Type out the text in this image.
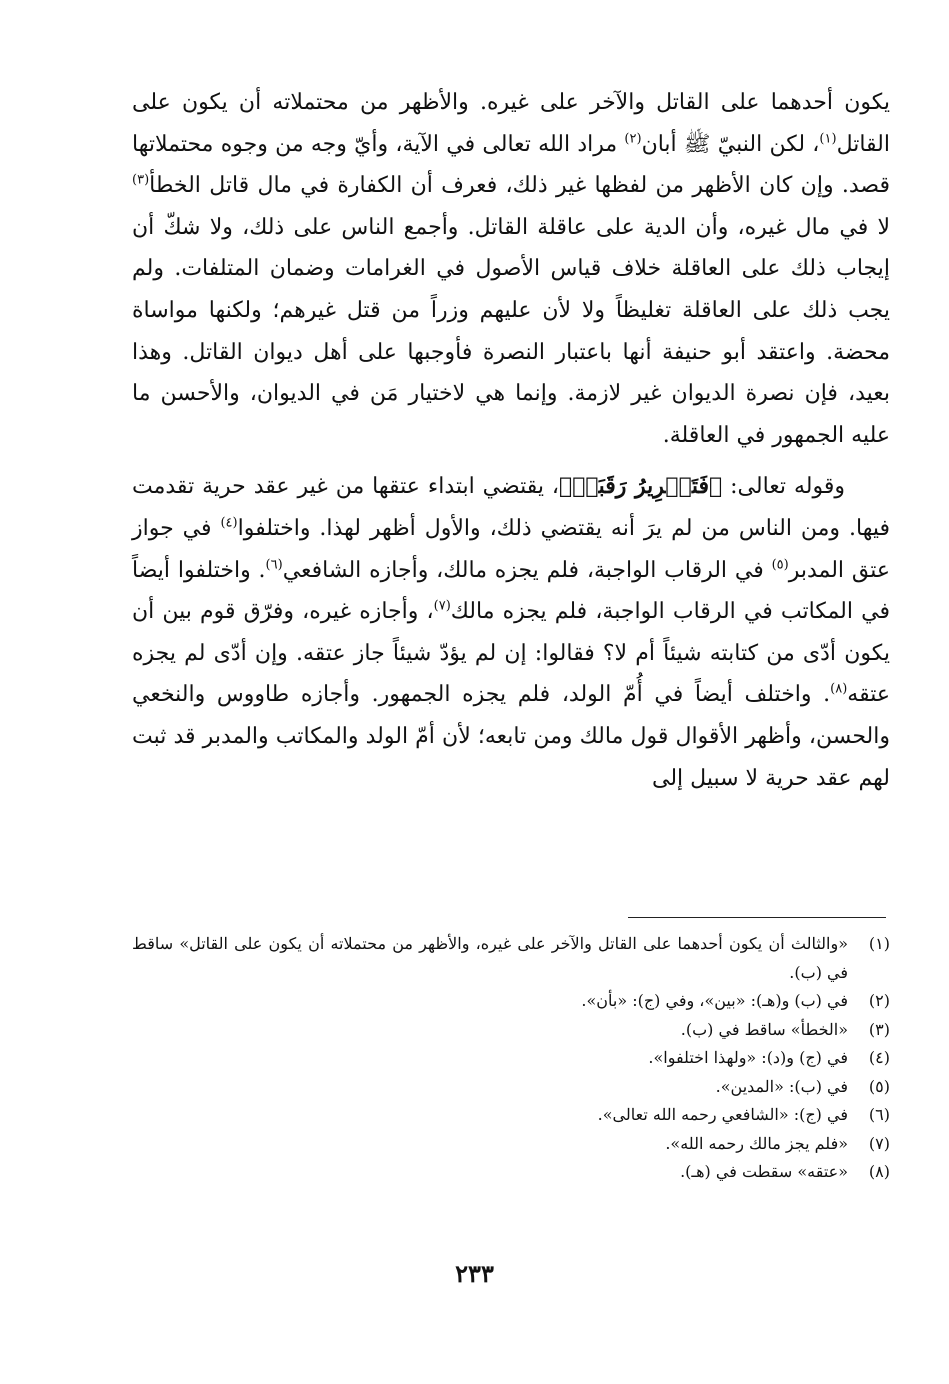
يكون أحدهما على القاتل والآخر على غيره. والأظهر من محتملاته أن يكون على القاتل$^{(١)}$، لكن النبيّ ﷺ أبان$^{(٢)}$ مراد الله تعالى في الآية، وأيّ وجه من وجوه محتملاتها قصد. وإن كان الأظهر من لفظها غير ذلك، فعرف أن الكفارة في مال قاتل الخطأ$^{(٣)}$ لا في مال غيره، وأن الدية على عاقلة القاتل. وأجمع الناس على ذلك، ولا شكّ أن إيجاب ذلك على العاقلة خلاف قياس الأصول في الغرامات وضمان المتلفات. ولم يجب ذلك على العاقلة تغليظاً ولا لأن عليهم وزراً من قتل غيرهم؛ ولكنها مواساة محضة. واعتقد أبو حنيفة أنها باعتبار النصرة فأوجبها على أهل ديوان القاتل. وهذا بعيد، فإن نصرة الديوان غير لازمة. وإنما هي لاختيار مَن في الديوان، والأحسن ما عليه الجمهور في العاقلة.

وقوله تعالى: ﴿فَتَحۡرِيرُ رَقَبَةٖ﴾، يقتضي ابتداء عتقها من غير عقد حرية تقدمت فيها. ومن الناس من لم يرَ أنه يقتضي ذلك، والأول أظهر لهذا. واختلفوا$^{(٤)}$ في جواز عتق المدبر$^{(٥)}$ في الرقاب الواجبة، فلم يجزه مالك، وأجازه الشافعي$^{(٦)}$. واختلفوا أيضاً في المكاتب في الرقاب الواجبة، فلم يجزه مالك$^{(٧)}$، وأجازه غيره، وفرّق قوم بين أن يكون أدّى من كتابته شيئاً أم لا؟ فقالوا: إن لم يؤدّ شيئاً جاز عتقه. وإن أدّى لم يجزه عتقه$^{(٨)}$. واختلف أيضاً في أُمّ الولد، فلم يجزه الجمهور. وأجازه طاووس والنخعي والحسن، وأظهر الأقوال قول مالك ومن تابعه؛ لأن أمّ الولد والمكاتب والمدبر قد ثبت لهم عقد حرية لا سبيل إلى

(١)
«والثالث أن يكون أحدهما على القاتل والآخر على غيره، والأظهر من محتملاته أن يكون على القاتل» ساقط في (ب).
(٢)
في (ب) و(هـ): «بين»، وفي (ج): «بأن».
(٣)
«الخطأ» ساقط في (ب).
(٤)
في (ج) و(د): «ولهذا اختلفوا».
(٥)
في (ب): «المدين».
(٦)
في (ج): «الشافعي رحمه الله تعالى».
(٧)
«فلم يجز مالك رحمه الله».
(٨)
«عتقه» سقطت في (هـ).
٢٣٣
